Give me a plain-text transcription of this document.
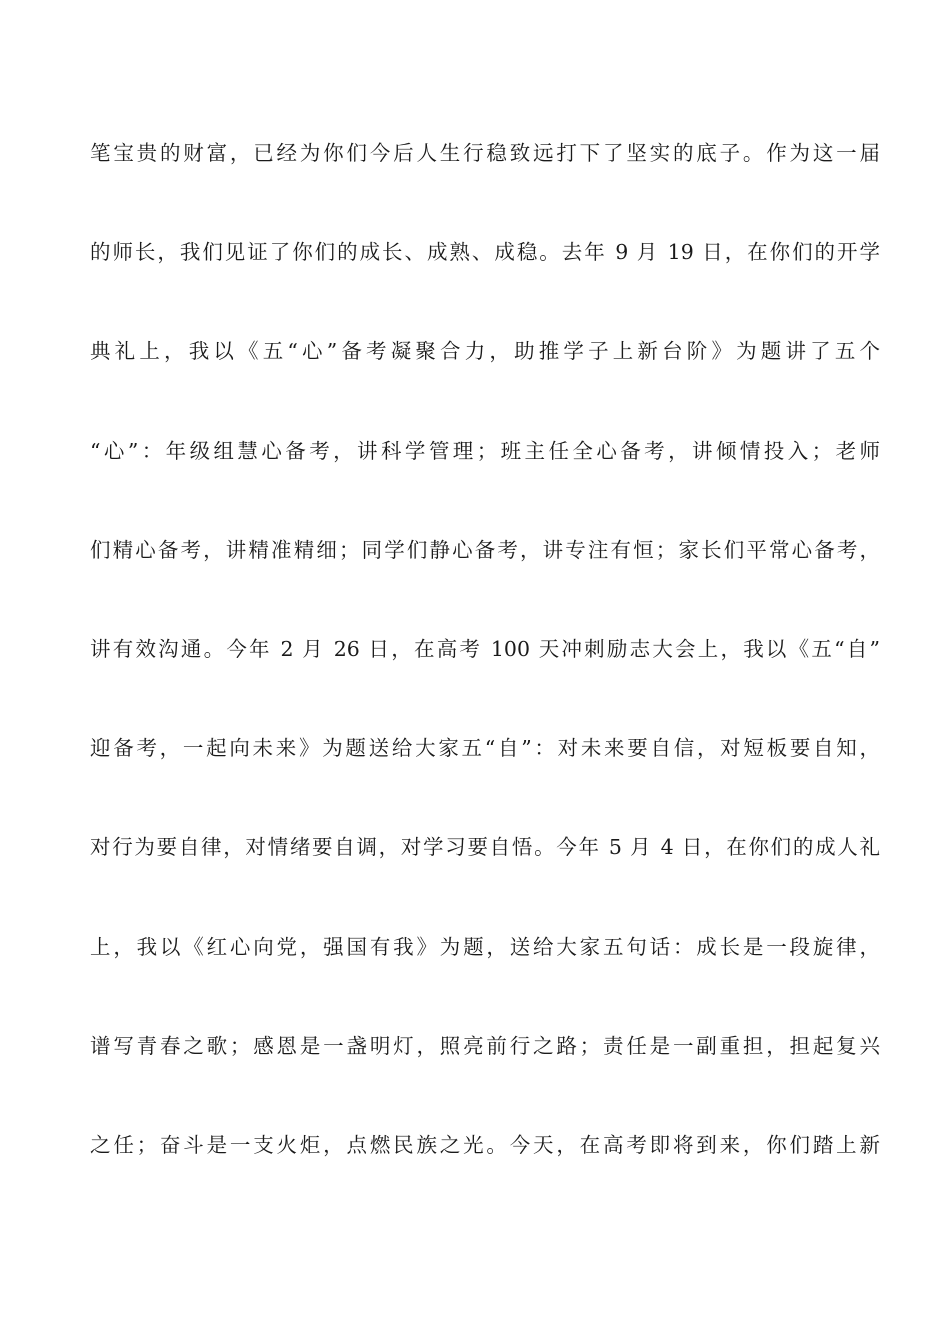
笔宝贵的财富，已经为你们今后人生行稳致远打下了坚实的底子。作为这一届
的师长，我们见证了你们的成长、成熟、成稳。去年 9 月 19 日，在你们的开学
典礼上，我以《五“心”备考凝聚合力，助推学子上新台阶》为题讲了五个
“心”：年级组慧心备考，讲科学管理；班主任全心备考，讲倾情投入；老师
们精心备考，讲精准精细；同学们静心备考，讲专注有恒；家长们平常心备考，
讲有效沟通。今年 2 月 26 日，在高考 100 天冲刺励志大会上，我以《五“自”
迎备考，一起向未来》为题送给大家五“自”：对未来要自信，对短板要自知，
对行为要自律，对情绪要自调，对学习要自悟。今年 5 月 4 日，在你们的成人礼
上，我以《红心向党，强国有我》为题，送给大家五句话：成长是一段旋律，
谱写青春之歌；感恩是一盏明灯，照亮前行之路；责任是一副重担，担起复兴
之任；奋斗是一支火炬，点燃民族之光。今天，在高考即将到来，你们踏上新
